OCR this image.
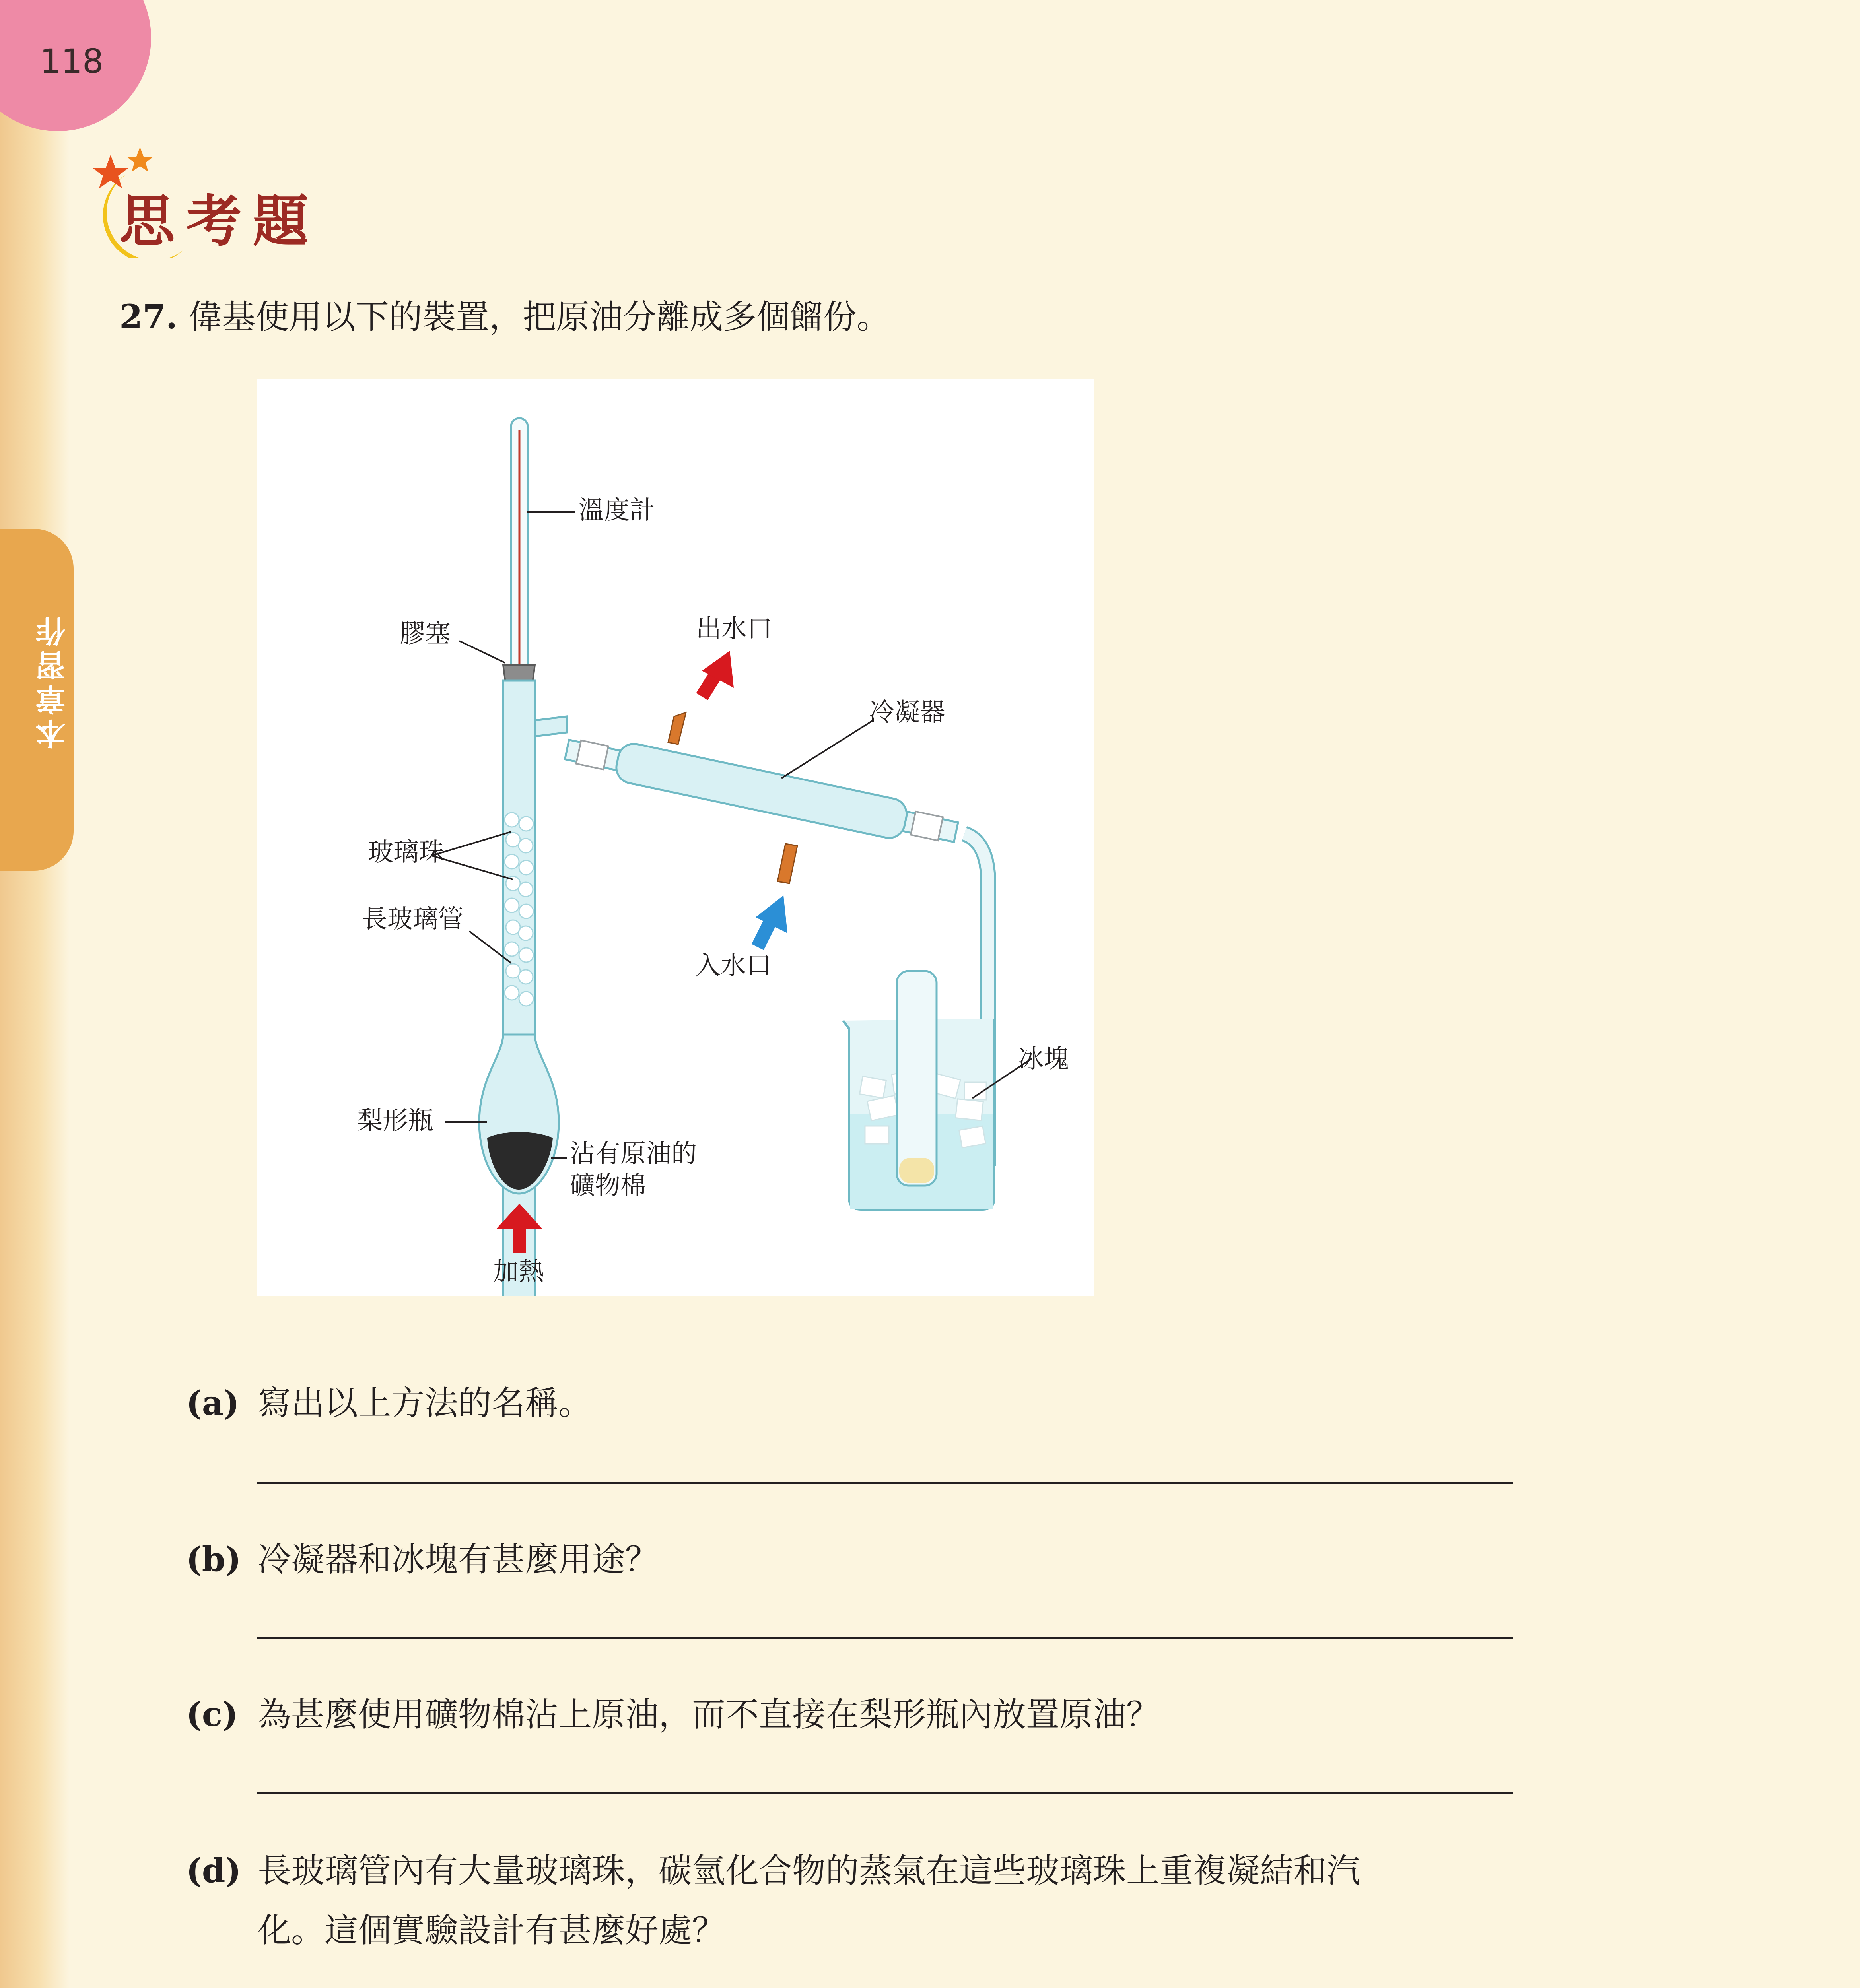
118
本章習作
思考題
27. 偉基使用以下的裝置，把原油分離成多個餾份。
溫度計
膠塞	出水口
冷凝器
玻璃珠
長玻璃管
入水口
冰塊
梨形瓶
沾有原油的
礦物棉
加熱
(a) 寫出以上方法的名稱。
(b) 冷凝器和冰塊有甚麼用途？
(c) 為甚麼使用礦物棉沾上原油，而不直接在梨形瓶內放置原油？
(d) 長玻璃管內有大量玻璃珠，碳氫化合物的蒸氣在這些玻璃珠上重複凝結和汽
化。這個實驗設計有甚麼好處？
